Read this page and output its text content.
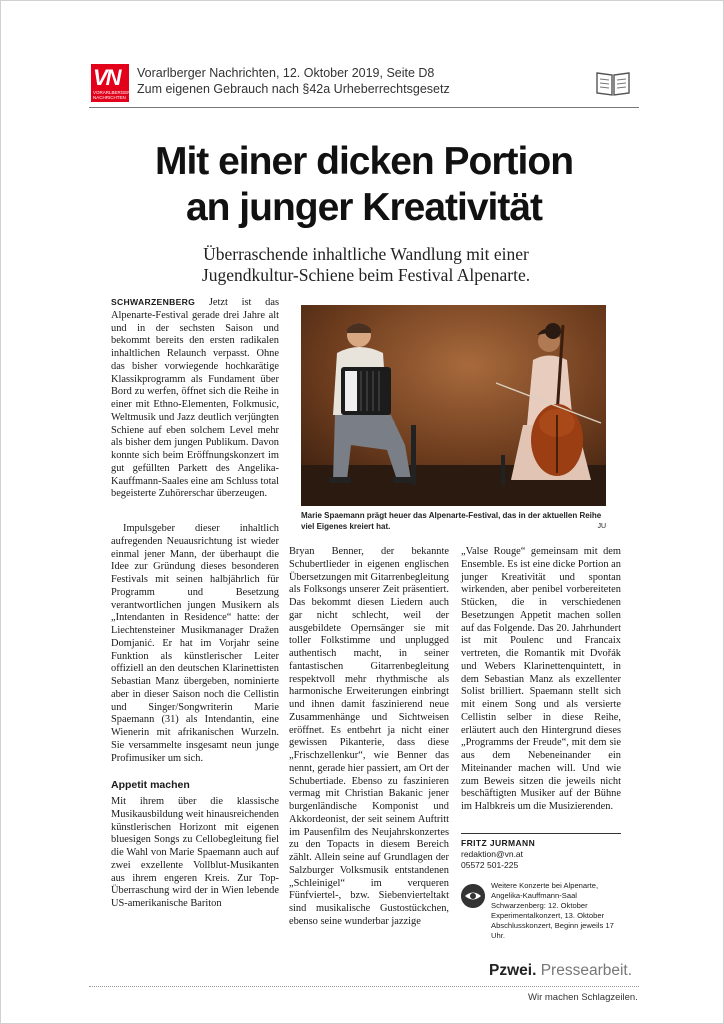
VN
VORARLBERGER NACHRICHTEN
Vorarlberger Nachrichten, 12. Oktober 2019, Seite D8
Zum eigenen Gebrauch nach §42a Urheberrechtsgesetz
Mit einer dicken Portion
an junger Kreativität
Überraschende inhaltliche Wandlung mit einer
Jugendkultur-Schiene beim Festival Alpenarte.

SCHWARZENBERG Jetzt ist das Alpenarte-Festival gerade drei Jahre alt und in der sechsten Saison und bekommt bereits den ersten radikalen inhaltlichen Relaunch verpasst. Ohne das bisher vorwiegende hochkarätige Klassikprogramm als Fundament über Bord zu werfen, öffnet sich die Reihe in einer mit Ethno-Elementen, Folkmusic, Weltmusik und Jazz deutlich verjüngten Schiene auf eben solchem Level mehr als bisher dem jungen Publikum. Davon konnte sich beim Eröffnungskonzert im gut gefüllten Parkett des Angelika-Kauffmann-Saales eine am Schluss total begeisterte Zuhörerschar überzeugen.

Impulsgeber dieser inhaltlich aufregenden Neuausrichtung ist wieder einmal jener Mann, der überhaupt die Idee zur Gründung dieses besonderen Festivals mit seinen halbjährlich für Programm und Besetzung verantwortlichen jungen Musikern als „Intendanten in Residence“ hatte: der Liechtensteiner Musikmanager Dražen Domjanić. Er hat im Vorjahr seine Funktion als künstlerischer Leiter offiziell an den deutschen Klarinettisten Sebastian Manz übergeben, nominierte aber in dieser Saison noch die Cellistin und Singer/Songwriterin Marie Spaemann (31) als Intendantin, eine Wienerin mit afrikanischen Wurzeln. Sie versammelte insgesamt neun junge Profimusiker um sich.

Appetit machen

Mit ihrem über die klassische Musikausbildung weit hinausreichenden künstlerischen Horizont mit eigenen bluesigen Songs zu Cellobegleitung fiel die Wahl von Marie Spaemann auch auf zwei exzellente Vollblut-Musikanten aus ihrem engeren Kreis. Zur Top-Überraschung wird der in Wien lebende US-amerikanische Bariton

Marie Spaemann prägt heuer das Alpenarte-Festival, das in der aktuellen Reihe viel Eigenes kreiert hat.	JU

Bryan Benner, der bekannte Schubertlieder in eigenen englischen Übersetzungen mit Gitarrenbegleitung als Folksongs unserer Zeit präsentiert. Das bekommt diesen Liedern auch gar nicht schlecht, weil der ausgebildete Opernsänger sie mit toller Folkstimme und unplugged authentisch macht, in seiner fantastischen Gitarrenbegleitung respektvoll mehr rhythmische als harmonische Erweiterungen einbringt und ihnen damit faszinierend neue Zusammenhänge und Sichtweisen eröffnet. Es entbehrt ja nicht einer gewissen Pikanterie, dass diese „Frischzellenkur“, wie Benner das nennt, gerade hier passiert, am Ort der Schubertiade. Ebenso zu faszinieren vermag mit Christian Bakanic jener burgenländische Komponist und Akkordeonist, der seit seinem Auftritt im Pausenfilm des Neujahrskonzertes zu den Topacts in diesem Bereich zählt. Allein seine auf Grundlagen der Salzburger Volksmusik entstandenen „Schleinigel“ im verqueren Fünfviertel-, bzw. Siebenvierteltakt sind musikalische Gustostückchen, ebenso seine wunderbar jazzige

„Valse Rouge“ gemeinsam mit dem Ensemble. Es ist eine dicke Portion an junger Kreativität und spontan wirkenden, aber penibel vorbereiteten Stücken, die in verschiedenen Besetzungen Appetit machen sollen auf das Folgende. Das 20. Jahrhundert ist mit Poulenc und Francaix vertreten, die Romantik mit Dvořák und Webers Klarinettenquintett, in dem Sebastian Manz als exzellenter Solist brilliert. Spaemann stellt sich mit einem Song und als versierte Cellistin selber in diese Reihe, erläutert auch den Hintergrund dieses „Programms der Freude“, mit dem sie aus dem Nebeneinander ein Miteinander machen will. Und wie zum Beweis sitzen die jeweils nicht beschäftigten Musiker auf der Bühne im Halbkreis um die Musizierenden.

FRITZ JURMANN
redaktion@vn.at
05572 501-225
Weitere Konzerte bei Alpenarte, Angelika-Kauffmann-Saal Schwarzenberg: 12. Oktober Experimentalkonzert, 13. Oktober Abschlusskonzert, Beginn jeweils 17 Uhr.
Pzwei. Pressearbeit.
Wir machen Schlagzeilen.
